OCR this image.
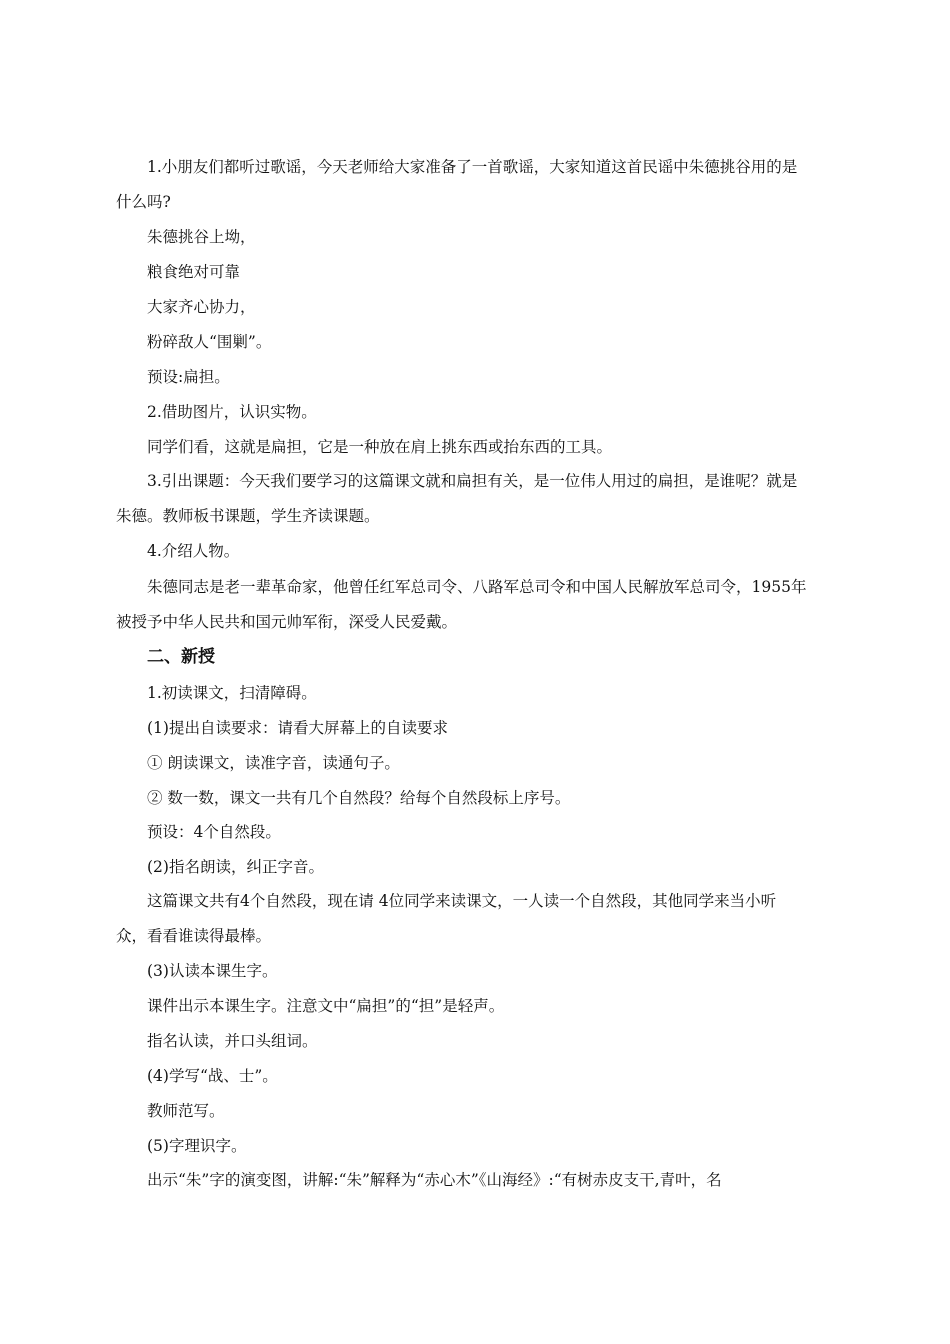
1.小朋友们都听过歌谣，今天老师给大家准备了一首歌谣，大家知道这首民谣中朱德挑谷用的是
什么吗?
朱德挑谷上坳，
粮食绝对可靠
大家齐心协力，
粉碎敌人“围剿”。
预设:扁担。
2.借助图片，认识实物。
同学们看，这就是扁担，它是一种放在肩上挑东西或抬东西的工具。
3.引出课题：今天我们要学习的这篇课文就和扁担有关，是一位伟人用过的扁担，是谁呢？就是
朱德。教师板书课题，学生齐读课题。
4.介绍人物。
朱德同志是老一辈革命家，他曾任红军总司令、八路军总司令和中国人民解放军总司令，1955年
被授予中华人民共和国元帅军衔，深受人民爱戴。
二、新授
1.初读课文，扫清障碍。
(1)提出自读要求：请看大屏幕上的自读要求
① 朗读课文，读准字音，读通句子。
② 数一数，课文一共有几个自然段？给每个自然段标上序号。
预设：4个自然段。
(2)指名朗读，纠正字音。
这篇课文共有4个自然段，现在请 4位同学来读课文，一人读一个自然段，其他同学来当小听
众，看看谁读得最棒。
(3)认读本课生字。
课件出示本课生字。注意文中“扁担”的“担”是轻声。
指名认读，并口头组词。
(4)学写“战、士”。
教师范写。
(5)字理识字。
出示“朱”字的演变图，讲解:“朱”解释为“赤心木”《山海经》:“有树赤皮支干,青叶，名
